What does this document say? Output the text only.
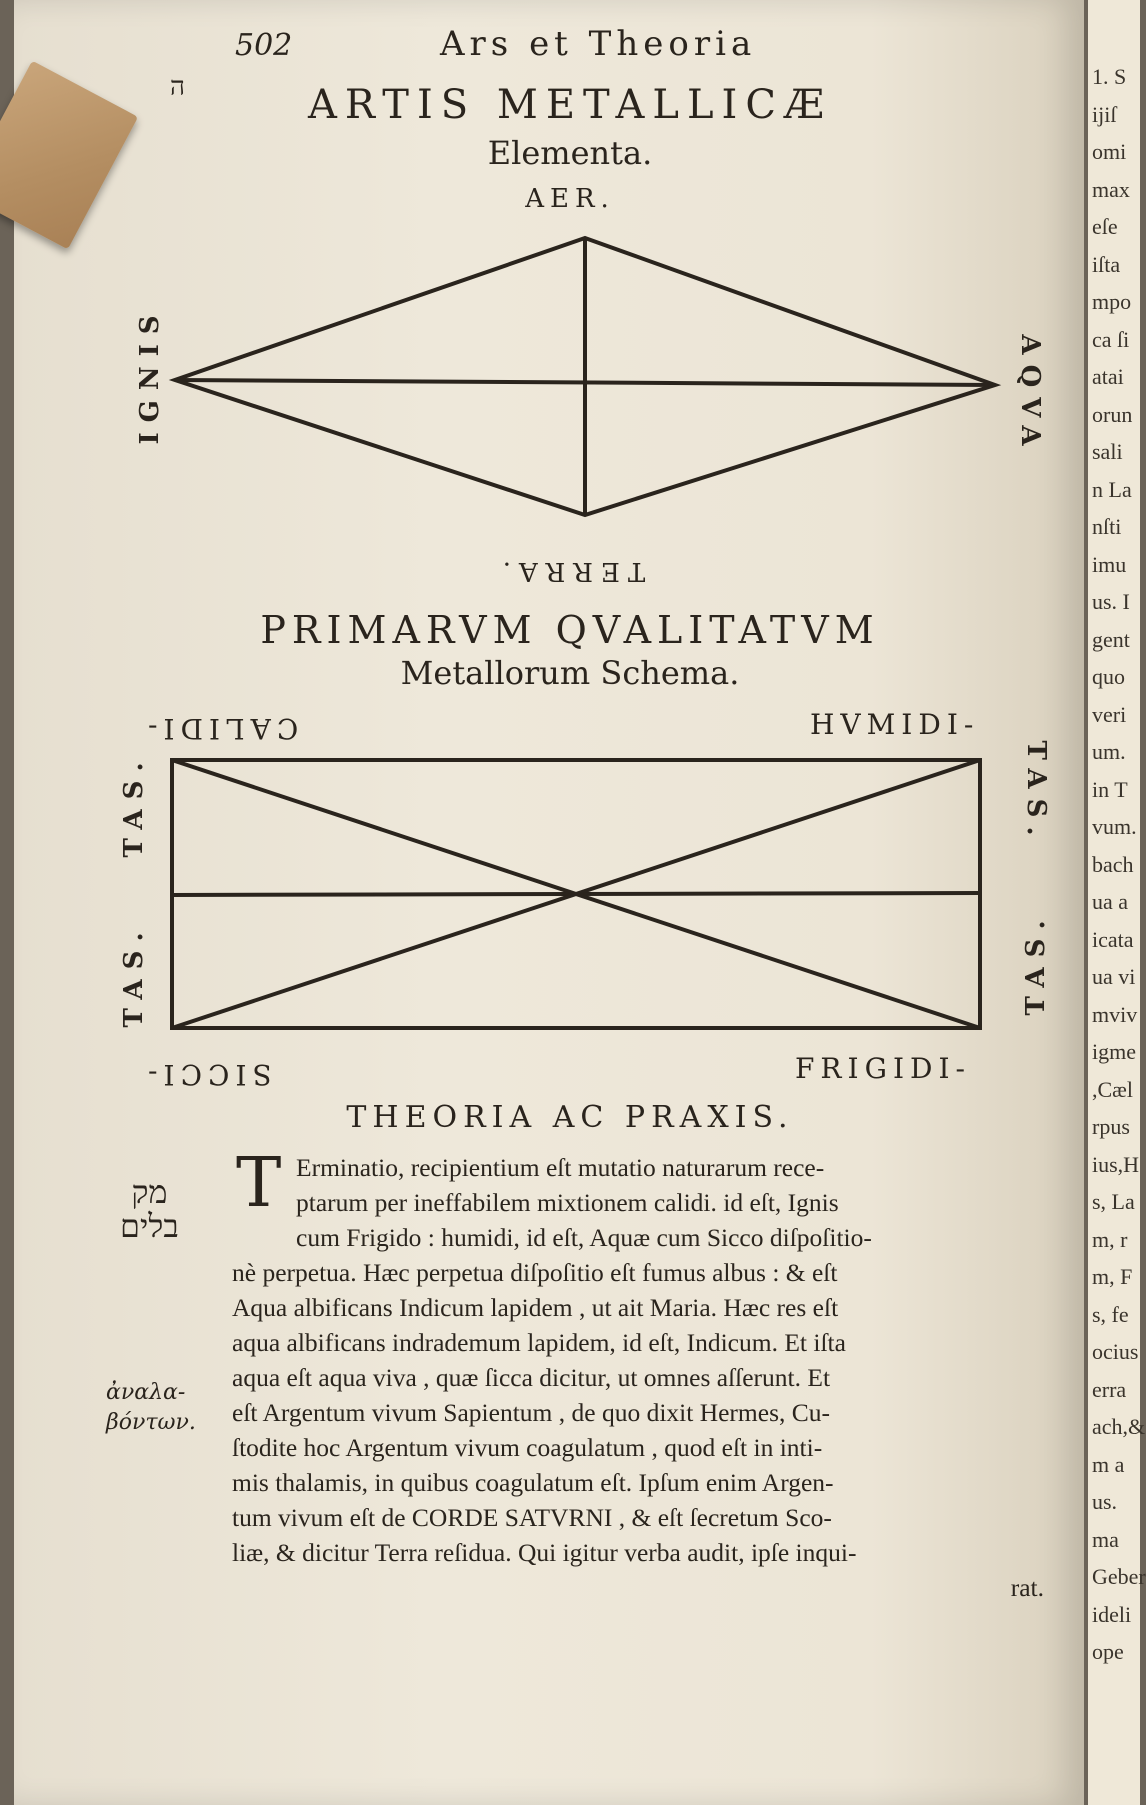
1. S
ijiſ
omi
max
eſe
iſta
mpo
ca ſi
atai
orun
sali
n La
nſti
imu
us. I
gent
quo
veri
um.
in T
vum.
bach
ua a
icata
ua vi
mviv
igme
,Cæl
rpus
ius,H
s, La
m, r
m, F
s, fe
ocius
erra
ach,&
m a
us.
ma
Geber
ideli
ope
502	Ars et Theoria
ה	ARTIS METALLICÆ
Elementa.
AER.
IGNIS	AQVA
TERRA.
PRIMARVM QVALITATVM
Metallorum Schema.
CALIDI-	HVMIDI-
TAS.
TAS.
TAS.
TAS.
SICCI-	FRIGIDI-
THEORIA AC PRAXIS.
T Erminatio, recipientium eſt mutatio naturarum rece-
ptarum per ineffabilem mixtionem calidi. id eſt, Ignis
cum Frigido : humidi, id eſt, Aquæ cum Sicco diſpoſitio-
nè perpetua. Hæc perpetua diſpoſitio eſt fumus albus : & eſt
Aqua albificans Indicum lapidem , ut ait Maria. Hæc res eſt
aqua albificans indrademum lapidem, id eſt, Indicum. Et iſta
aqua eſt aqua viva , quæ ſicca dicitur, ut omnes aſſerunt. Et
eſt Argentum vivum Sapientum , de quo dixit Hermes, Cu-
ſtodite hoc Argentum vivum coagulatum , quod eſt in inti-
mis thalamis, in quibus coagulatum eſt. Ipſum enim Argen-
tum vivum eſt de CORDE SATVRNI , & eſt ſecretum Sco-
liæ, & dicitur Terra reſidua. Qui igitur verba audit, ipſe inqui-
rat.
מק
בלים
ἀναλα-
βόντων.
